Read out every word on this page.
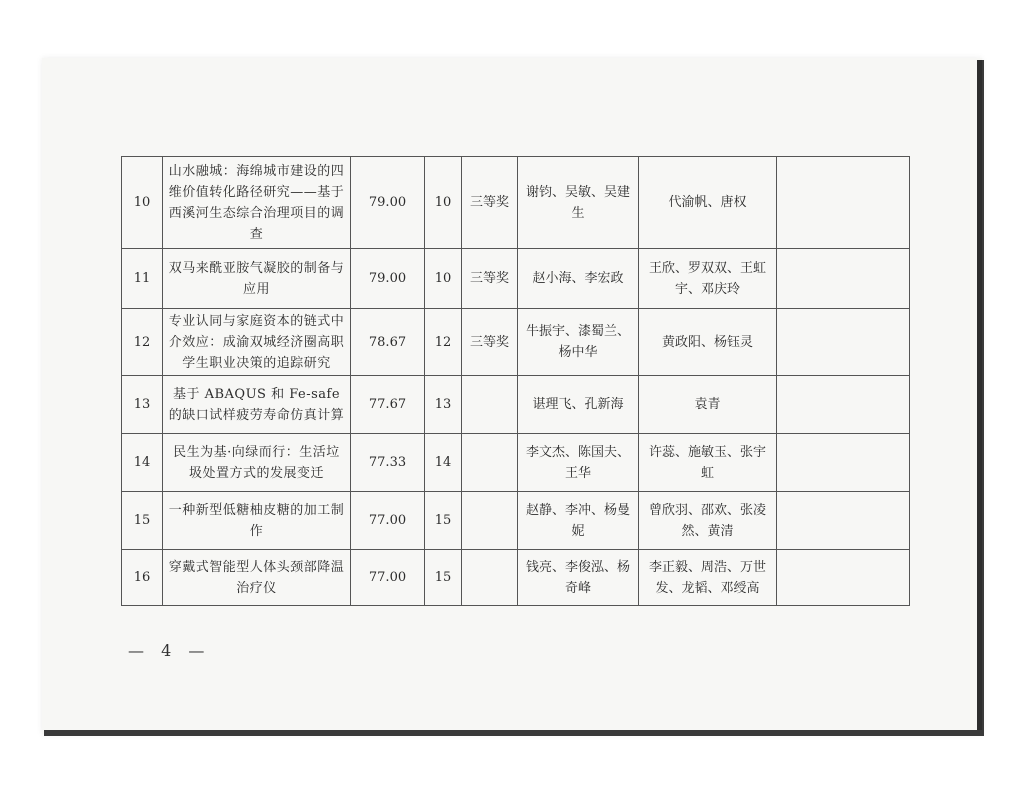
10	山水融城：海绵城市建设的四维价值转化路径研究——基于西溪河生态综合治理项目的调查	79.00	10	三等奖	谢钧、吴敏、吴建生	代渝帆、唐权	
11	双马来酰亚胺气凝胶的制备与应用	79.00	10	三等奖	赵小海、李宏政	王欣、罗双双、王虹宇、邓庆玲	
12	专业认同与家庭资本的链式中介效应：成渝双城经济圈高职学生职业决策的追踪研究	78.67	12	三等奖	牛振宇、漆蜀兰、杨中华	黄政阳、杨钰灵	
13	基于 ABAQUS 和 Fe-safe 的缺口试样疲劳寿命仿真计算	77.67	13		谌理飞、孔新海	袁青	
14	民生为基·向绿而行：生活垃圾处置方式的发展变迁	77.33	14		李文杰、陈国夫、王华	许蕊、施敏玉、张宇虹	
15	一种新型低糖柚皮糖的加工制作	77.00	15		赵静、李冲、杨曼妮	曾欣羽、邵欢、张凌然、黄清	
16	穿戴式智能型人体头颈部降温治疗仪	77.00	15		钱亮、李俊泓、杨奇峰	李正毅、周浩、万世发、龙韬、邓绶高	
— 4 —
